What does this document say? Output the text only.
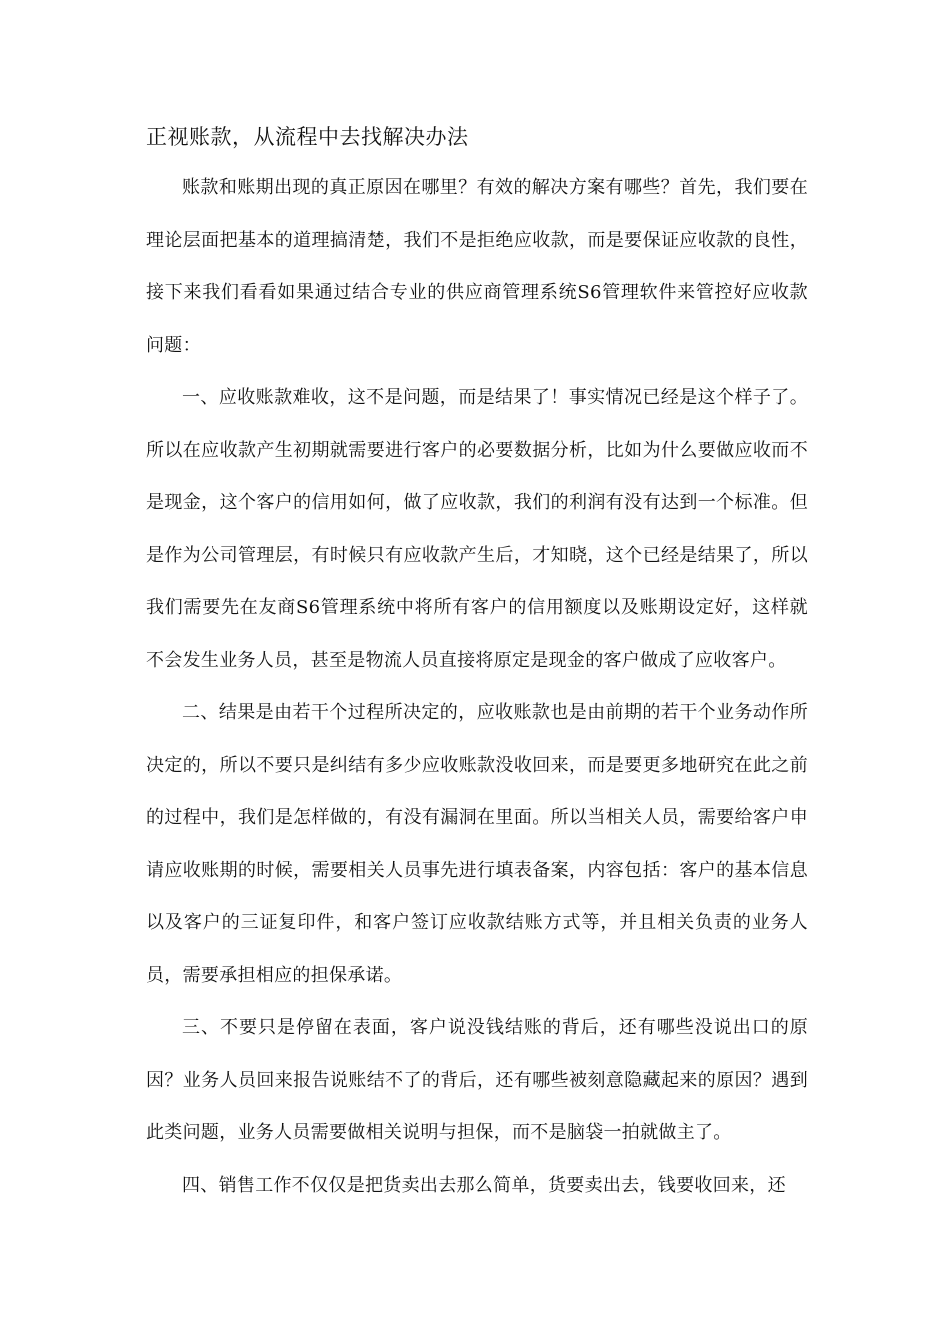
正视账款，从流程中去找解决办法

账款和账期出现的真正原因在哪里？有效的解决方案有哪些？首先，我们要在理论层面把基本的道理搞清楚，我们不是拒绝应收款，而是要保证应收款的良性，接下来我们看看如果通过结合专业的供应商管理系统S6管理软件来管控好应收款问题：

一、应收账款难收，这不是问题，而是结果了！事实情况已经是这个样子了。所以在应收款产生初期就需要进行客户的必要数据分析，比如为什么要做应收而不是现金，这个客户的信用如何，做了应收款，我们的利润有没有达到一个标准。但是作为公司管理层，有时候只有应收款产生后，才知晓，这个已经是结果了，所以我们需要先在友商S6管理系统中将所有客户的信用额度以及账期设定好，这样就不会发生业务人员，甚至是物流人员直接将原定是现金的客户做成了应收客户。

二、结果是由若干个过程所决定的，应收账款也是由前期的若干个业务动作所决定的，所以不要只是纠结有多少应收账款没收回来，而是要更多地研究在此之前的过程中，我们是怎样做的，有没有漏洞在里面。所以当相关人员，需要给客户申请应收账期的时候，需要相关人员事先进行填表备案，内容包括：客户的基本信息以及客户的三证复印件，和客户签订应收款结账方式等，并且相关负责的业务人员，需要承担相应的担保承诺。

三、不要只是停留在表面，客户说没钱结账的背后，还有哪些没说出口的原因？业务人员回来报告说账结不了的背后，还有哪些被刻意隐藏起来的原因？遇到此类问题，业务人员需要做相关说明与担保，而不是脑袋一拍就做主了。

四、销售工作不仅仅是把货卖出去那么简单，货要卖出去，钱要收回来，还
